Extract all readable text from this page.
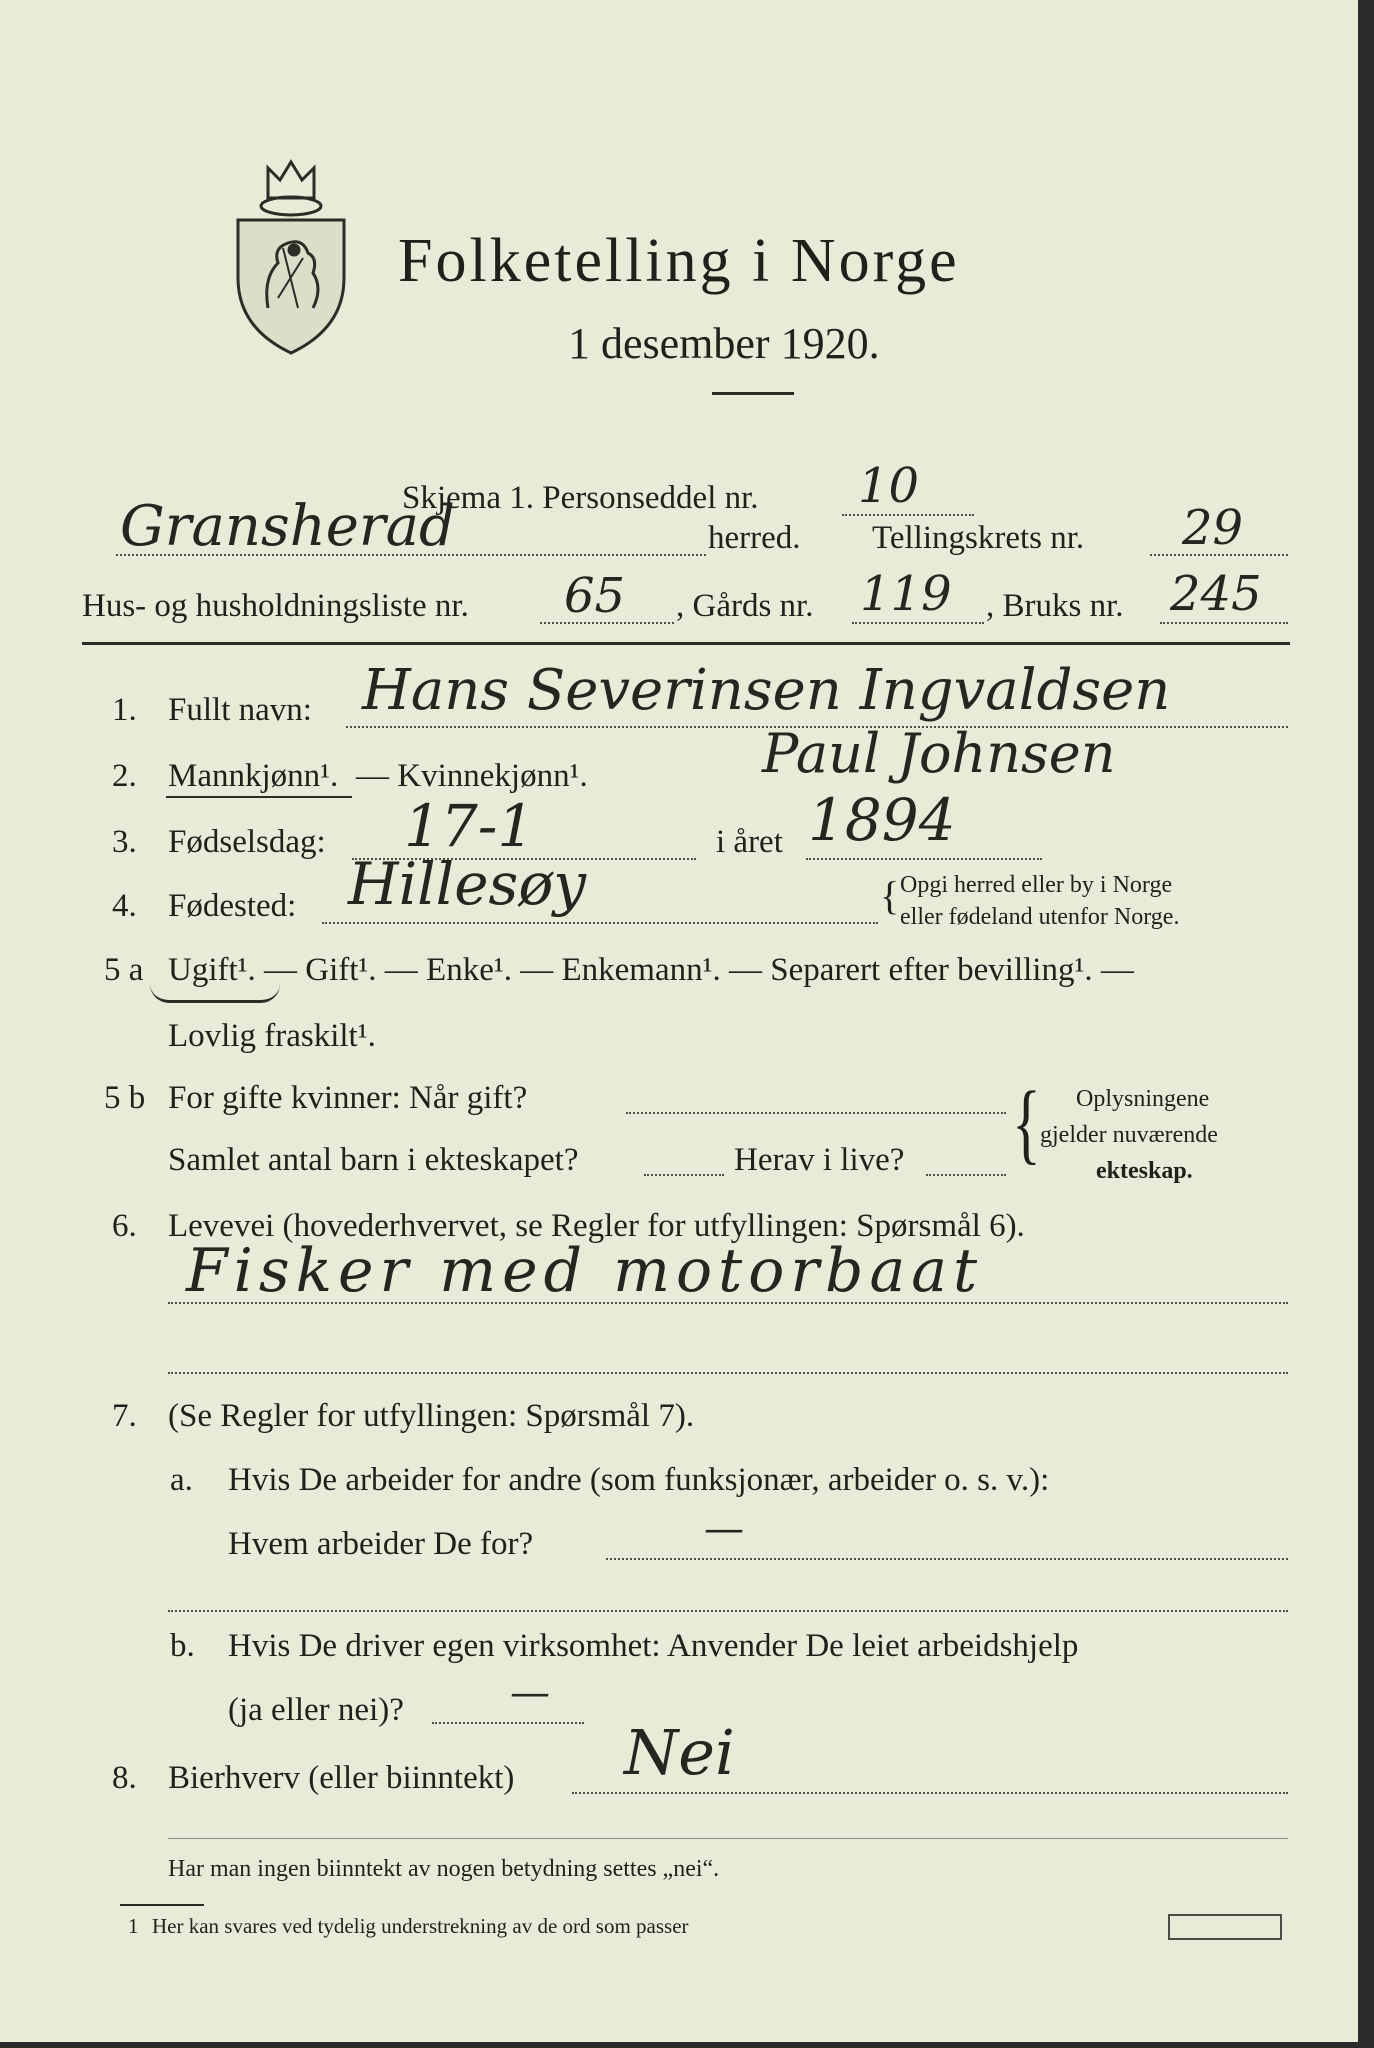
Folketelling i Norge
1 desember 1920.
Skjema 1. Personseddel nr. 10
Gransherad	herred. Tellingskrets nr. 29
Hus- og husholdningsliste nr. 65 , Gårds nr. 119 , Bruks nr. 245
1. Fullt navn: Hans Severinsen Ingvaldsen
2. Mannkjønn¹. — Kvinnekjønn¹.	Paul Johnsen
3. Fødselsdag: 17-1	i året 1894
4. Fødested: Hillesøy	{ Opgi herred eller by i Norge
eller fødeland utenfor Norge.
5 a Ugift¹. — Gift¹. — Enke¹. — Enkemann¹. — Separert efter bevilling¹. —
Lovlig fraskilt¹.
5 b For gifte kvinner: Når gift?
Samlet antal barn i ekteskapet?	Herav i live? { Oplysningene
gjelder nuværende
ekteskap.
6. Levevei (hovederhvervet, se Regler for utfyllingen: Spørsmål 6).
Fisker med motorbaat
7. (Se Regler for utfyllingen: Spørsmål 7).
a. Hvis De arbeider for andre (som funksjonær, arbeider o. s. v.):
Hvem arbeider De for?	—
b. Hvis De driver egen virksomhet: Anvender De leiet arbeidshjelp
(ja eller nei)?	—
8. Bierhverv (eller biinntekt) Nei
Har man ingen biinntekt av nogen betydning settes „nei“.
1 Her kan svares ved tydelig understrekning av de ord som passer
